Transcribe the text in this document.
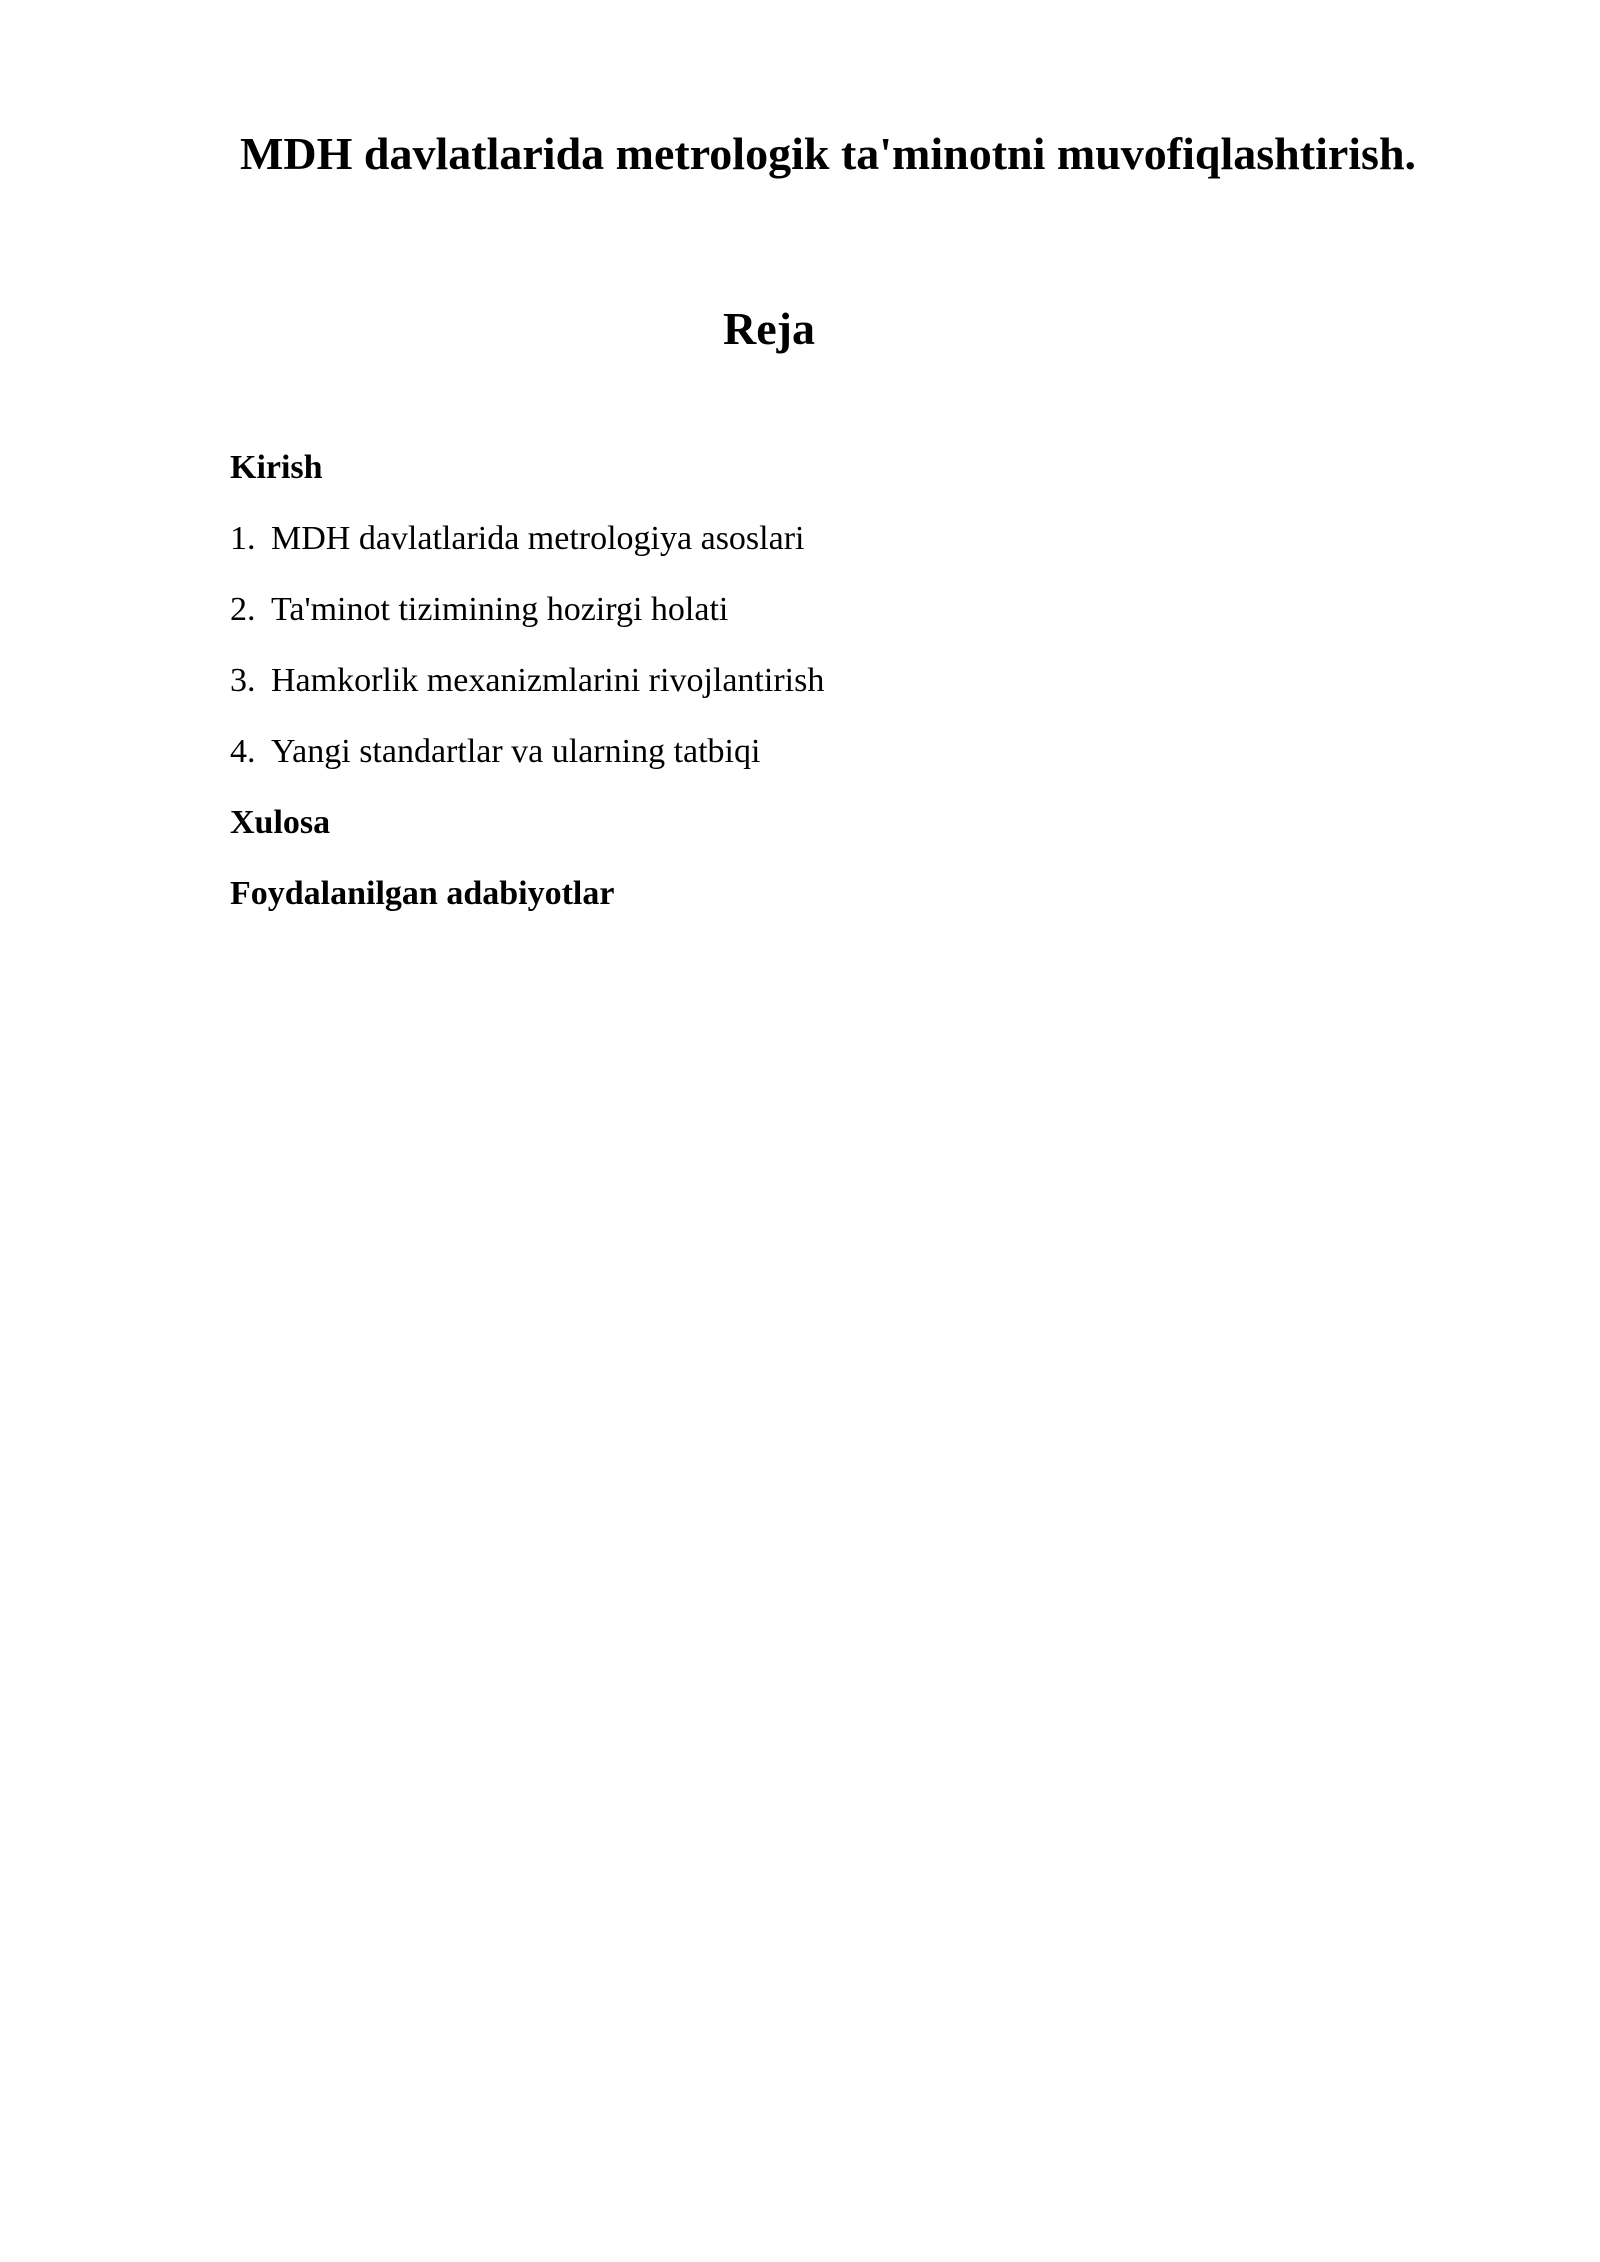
MDH davlatlarida metrologik ta'minotni muvofiqlashtirish.
Reja
Kirish
1. MDH davlatlarida metrologiya asoslari
2. Ta'minot tizimining hozirgi holati
3. Hamkorlik mexanizmlarini rivojlantirish
4. Yangi standartlar va ularning tatbiqi
Xulosa
Foydalanilgan adabiyotlar
